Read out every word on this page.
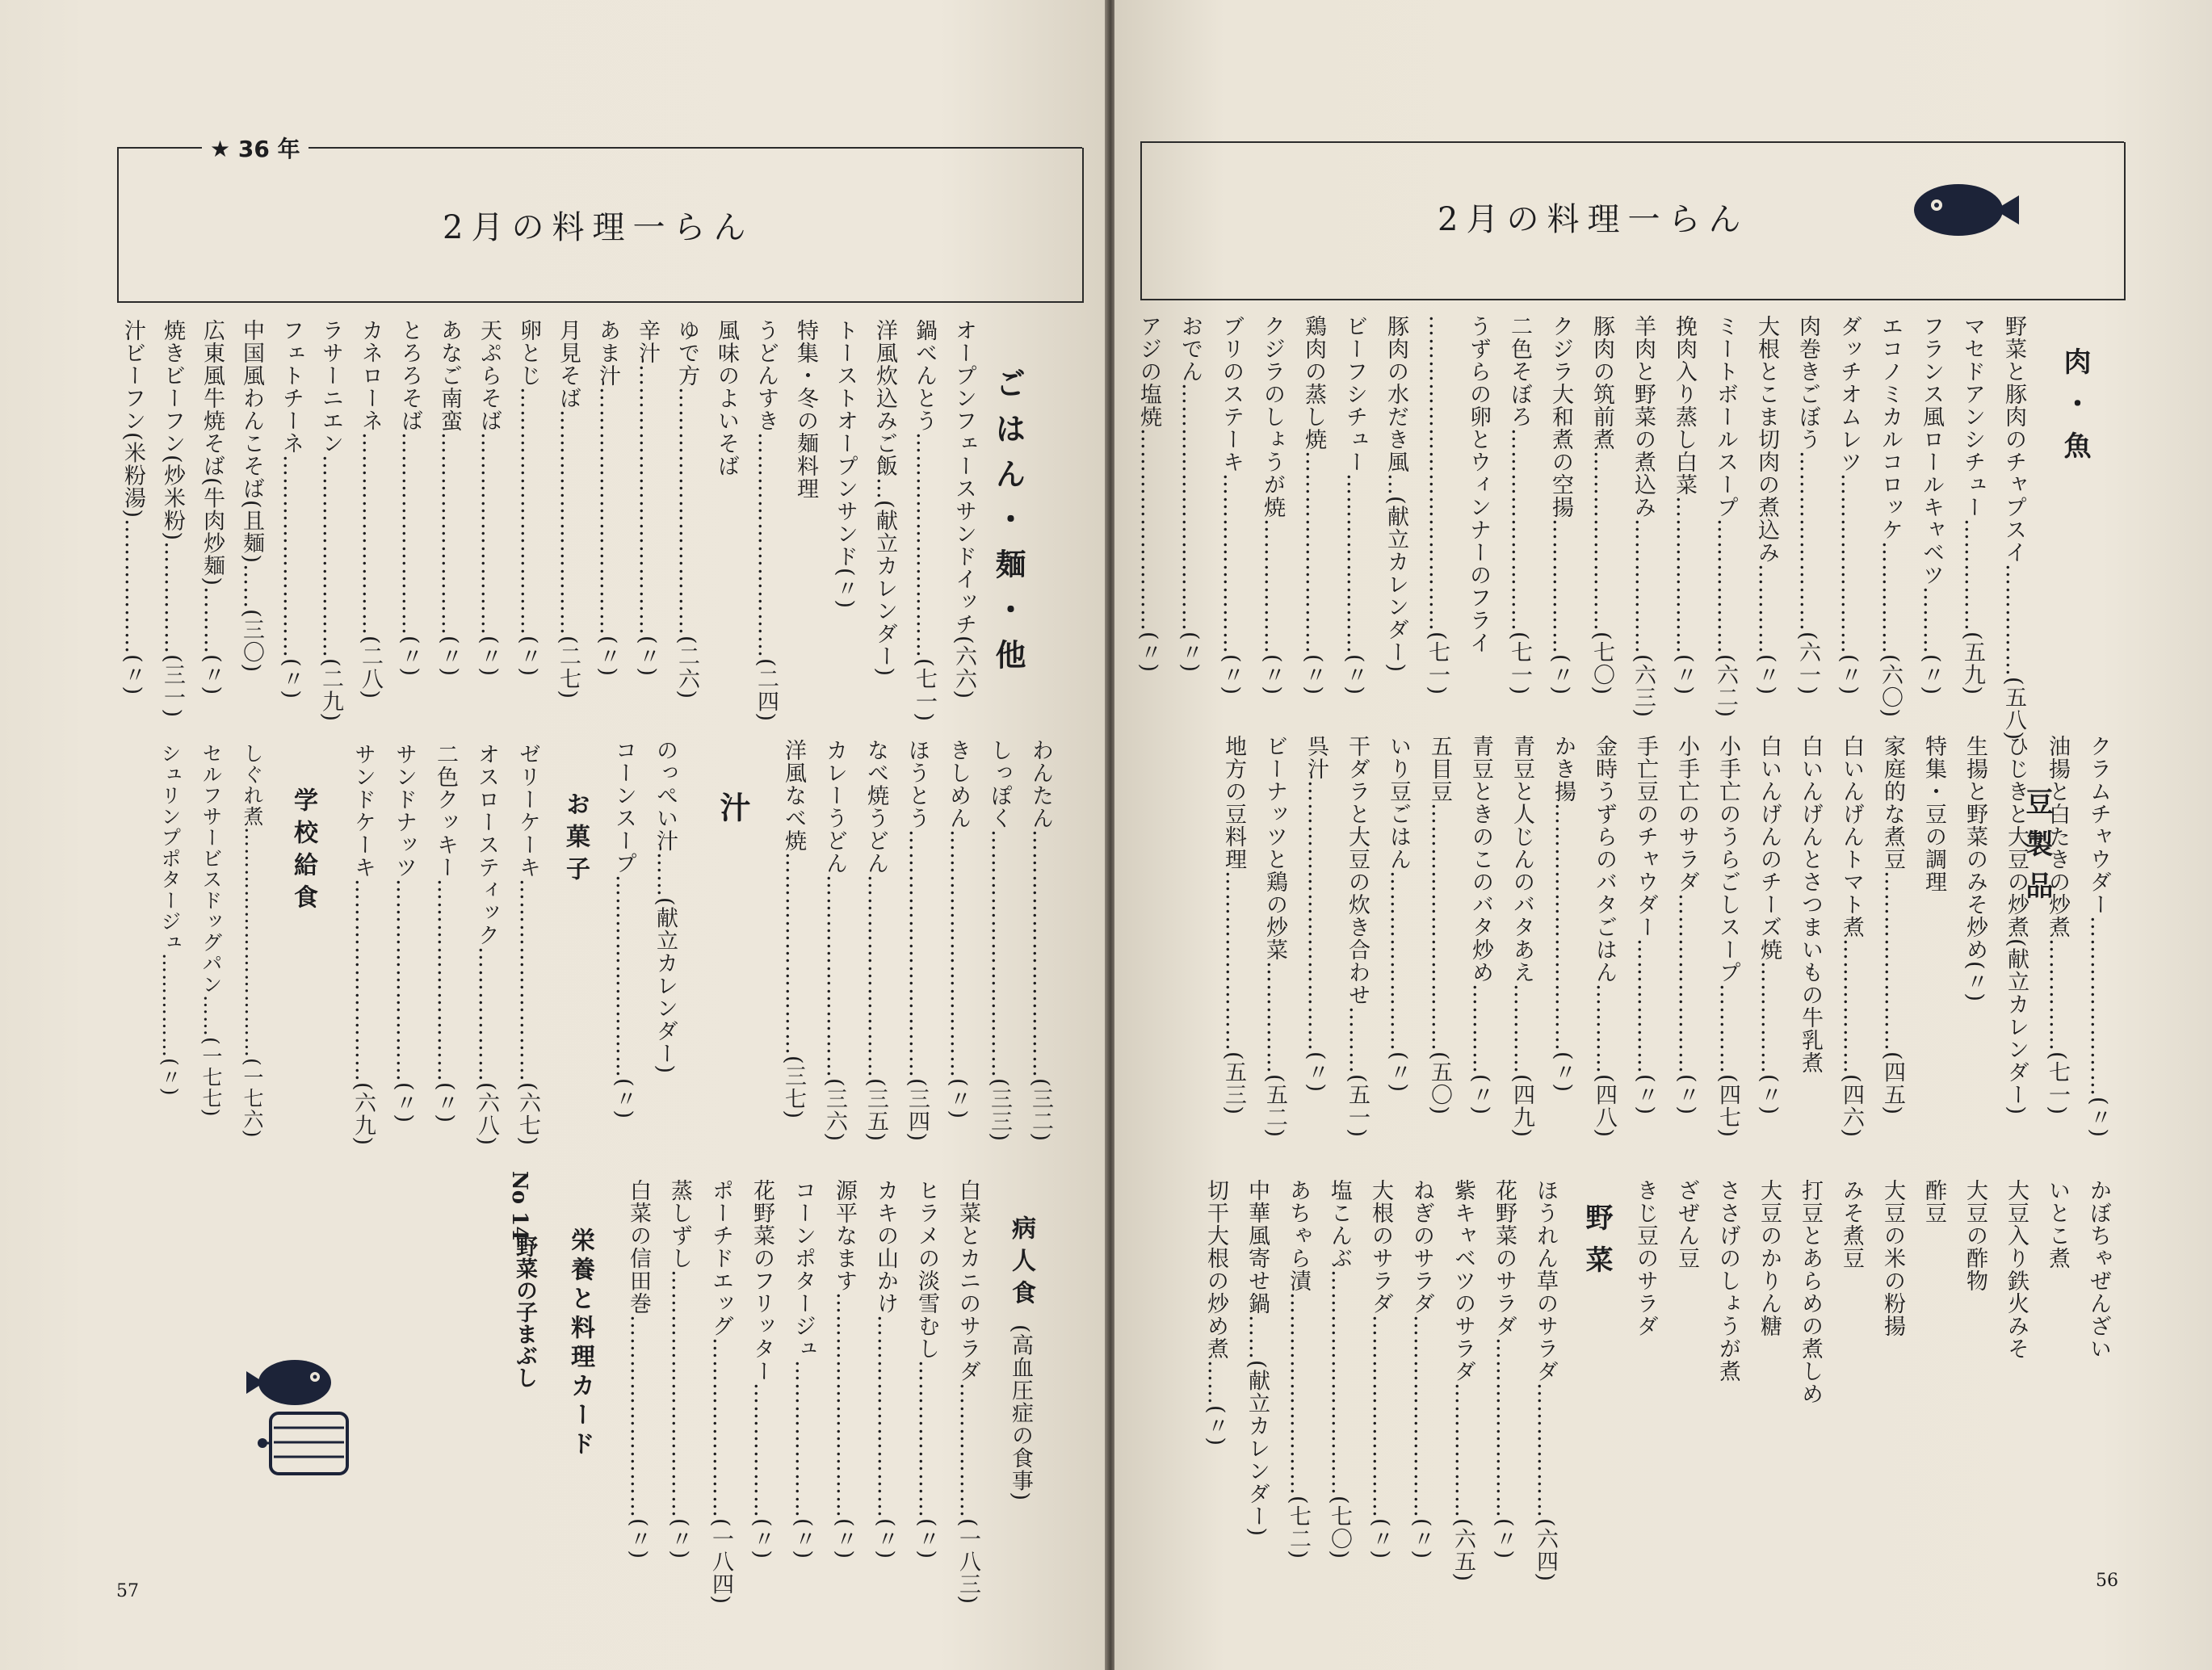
★ 36 年
2月の料理一らん
ごはん・麺・他
オープンフェースサンドイッチ(六六)
鍋べんとう…………………………(七一)
洋風炊込みご飯…(献立カレンダー)
トーストオープンサンド(〃)
特集・冬の麺料理
うどんすき…………………………(二四)
風味のよいそば
ゆで方……………………………(二六)
辛汁………………………………(〃)
あま汁……………………………(〃)
月見そば…………………………(二七)
卵とじ……………………………(〃)
天ぷらそば………………………(〃)
あなご南蛮………………………(〃)
とろろそば………………………(〃)
カネローネ………………………(二八)
ラサーニエン………………………(二九)
フェトチーネ………………………(〃)
中国風わんこそば(且麺)……(三〇)
広東風牛焼そば(牛肉炒麺)………(〃)
焼きビーフン(炒米粉)……………(三一)
汁ビーフン(米粉湯)………………(〃)
わんたん……………………………(三二)
しっぽく……………………………(三三)
きしめん……………………………(〃)
ほうとう……………………………(三四)
なべ焼うどん………………………(三五)
カレーうどん………………………(三六)
洋風なべ焼………………………(三七)
汁
のっぺい汁……(献立カレンダー)
コーンスープ………………………(〃)
お菓子
ゼリーケーキ………………………(六七)
オスロースティック………………(六八)
二色クッキー………………………(〃)
サンドナッツ………………………(〃)
サンドケーキ………………………(六九)
学校給食
しぐれ煮……………………………(一七六)
セルフサービスドッグパン……(一七七)
シュリンプポタージュ……………(〃)
病人食
(高血圧症の食事)
白菜とカニのサラダ………………(一八三)
ヒラメの淡雪むし…………………(〃)
カキの山かけ………………………(〃)
源平なます…………………………(〃)
コーンポタージュ…………………(〃)
花野菜のフリッター………………(〃)
ポーチドエッグ……………………(一八四)
蒸しずし……………………………(〃)
白菜の信田巻………………………(〃)
栄養と料理カード
No 14
野菜の子まぶし
57
2月の料理一らん
肉・魚
野菜と豚肉のチャプスイ……………(五八)
マセドアンシチュー……………(五九)
フランス風ロールキャベツ………(〃)
エコノミカルコロッケ……………(六〇)
ダッチオムレツ……………………(〃)
肉巻きごぼう……………………(六一)
大根とこま切肉の煮込み…………(〃)
ミートボールスープ………………(六二)
挽肉入り蒸し白菜…………………(〃)
羊肉と野菜の煮込み………………(六三)
豚肉の筑前煮……………………(七〇)
クジラ大和煮の空揚………………(〃)
二色そぼろ………………………(七一)
うずらの卵とウィンナーのフライ
……………………………………(七一)
豚肉の水だき風…(献立カレンダー)
ビーフシチュー……………………(〃)
鶏肉の蒸し焼………………………(〃)
クジラのしょうが焼………………(〃)
ブリのステーキ……………………(〃)
おでん……………………………(〃)
アジの塩焼………………………(〃)
豆製品 クラムチャウダー……………………(〃)
油揚と白たきの炒煮……………(七一)
ひじきと大豆の炒煮(献立カレンダー)
生揚と野菜のみそ炒め(〃)
特集・豆の調理
家庭的な煮豆……………………(四五)
白いんげんトマト煮………………(四六)
白いんげんとさつまいもの牛乳煮
白いんげんのチーズ焼……………(〃)
小手亡のうらごしスープ…………(四七)
小手亡のサラダ……………………(〃)
手亡豆のチャウダー………………(〃)
金時うずらのバタごはん…………(四八)
かき揚……………………………(〃)
青豆と人じんのバタあえ…………(四九)
青豆ときのこのバタ炒め…………(〃)
五目豆……………………………(五〇)
いり豆ごはん……………………(〃)
干ダラと大豆の炊き合わせ………(五一)
呉汁………………………………(〃)
ビーナッツと鶏の炒菜……………(五二)
地方の豆料理……………………(五三)
かぼちゃぜんざい
いとこ煮
大豆入り鉄火みそ
大豆の酢物
酢豆
大豆の米の粉揚
みそ煮豆
打豆とあらめの煮しめ
大豆のかりん糖
ささげのしょうが煮
ざぜん豆
きじ豆のサラダ
野菜
ほうれん草のサラダ………………(六四)
花野菜のサラダ……………………(〃)
紫キャベツのサラダ………………(六五)
ねぎのサラダ………………………(〃)
大根のサラダ………………………(〃)
塩こんぶ…………………………(七〇)
あちゃら漬………………………(七二)
中華風寄せ鍋……(献立カレンダー)
切干大根の炒め煮……(〃)
56
